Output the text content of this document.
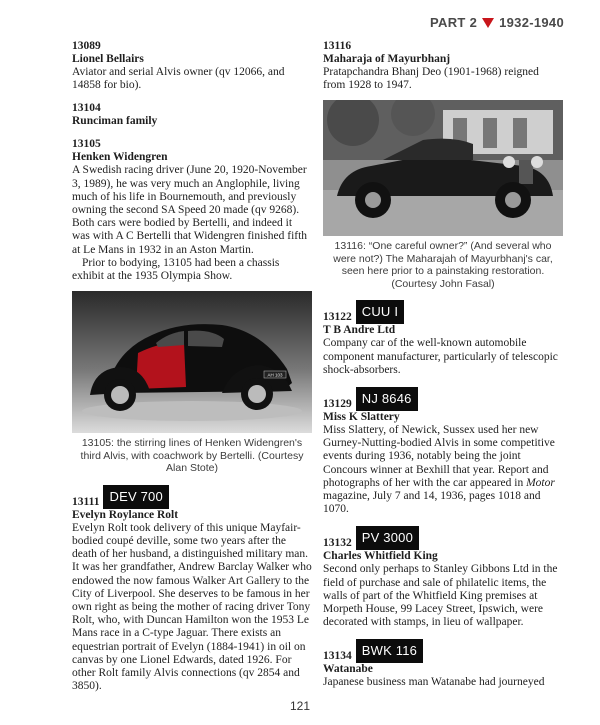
PART 2 1932-1940
13089
Lionel Bellairs
Aviator and serial Alvis owner (qv 12066, and 14858 for bio).
13104
Runciman family
13105
Henken Widengren

A Swedish racing driver (June 20, 1920-November 3, 1989), he was very much an Anglophile, living much of his life in Bournemouth, and previously owning the second SA Speed 20 made (qv 9268). Both cars were bodied by Bertelli, and indeed it was with A C Bertelli that Widengren finished fifth at Le Mans in 1932 in an Aston Martin.

Prior to bodying, 13105 had been a chassis exhibit at the 1935 Olympia Show.

AH 103
13105: the stirring lines of Henken Widengren's third Alvis, with coachwork by Bertelli. (Courtesy Alan Stote)
13111 DEV 700
Evelyn Roylance Rolt
Evelyn Rolt took delivery of this unique Mayfair-bodied coupé deville, some two years after the death of her husband, a distinguished military man. It was her grandfather, Andrew Barclay Walker who endowed the now famous Walker Art Gallery to the City of Liverpool. She deserves to be famous in her own right as being the mother of racing driver Tony Rolt, who, with Duncan Hamilton won the 1953 Le Mans race in a C-type Jaguar. There exists an equestrian portrait of Evelyn (1884-1941) in oil on canvas by one Lionel Edwards, dated 1926. For other Rolt family Alvis connections (qv 2854 and 3850).
13116
Maharaja of Mayurbhanj
Pratapchandra Bhanj Deo (1901-1968) reigned from 1928 to 1947.
13116: “One careful owner?” (And several who were not?) The Maharajah of Mayurbhanj's car, seen here prior to a painstaking restoration. (Courtesy John Fasal)
13122 CUU I
T B Andre Ltd
Company car of the well-known automobile component manufacturer, particularly of telescopic shock-absorbers.
13129 NJ 8646
Miss K Slattery
Miss Slattery, of Newick, Sussex used her new Gurney-Nutting-bodied Alvis in some competitive events during 1936, notably being the joint Concours winner at Bexhill that year. Report and photographs of her with the car appeared in Motor magazine, July 7 and 14, 1936, pages 1018 and 1070.
13132 PV 3000
Charles Whitfield King
Second only perhaps to Stanley Gibbons Ltd in the field of purchase and sale of philatelic items, the walls of part of the Whitfield King premises at Morpeth House, 99 Lacey Street, Ipswich, were decorated with stamps, in lieu of wallpaper.
13134 BWK 116
Watanabe
Japanese business man Watanabe had journeyed
121
